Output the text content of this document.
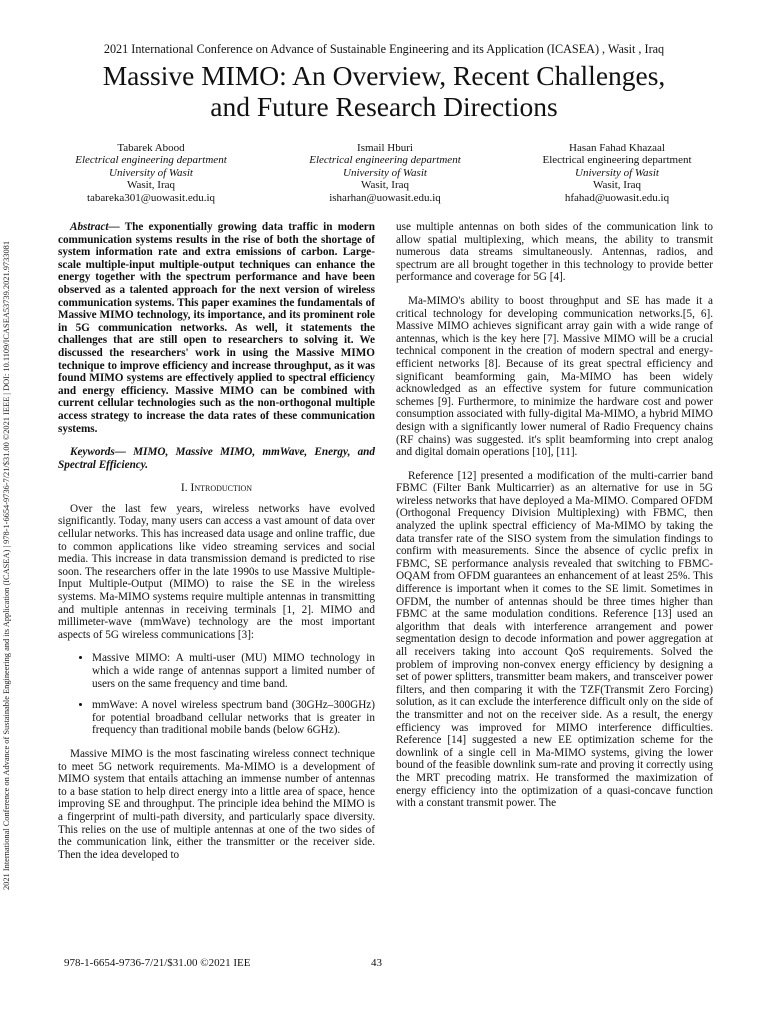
2021 International Conference on Advance of Sustainable Engineering and its Application (ICASEA) , Wasit , Iraq
Massive MIMO: An Overview, Recent Challenges,
and Future Research Directions
Tabarek Abood
Electrical engineering department
University of Wasit
Wasit, Iraq
tabareka301@uowasit.edu.iq
Ismail Hburi
Electrical engineering department
University of Wasit
Wasit, Iraq
isharhan@uowasit.edu.iq
Hasan Fahad Khazaal
Electrical engineering department
University of Wasit
Wasit, Iraq
hfahad@uowasit.edu.iq
2021 International Conference on Advance of Sustainable Engineering and its Application (ICASEA) | 978-1-6654-9736-7/21/$31.00 ©2021 IEEE | DOI: 10.1109/ICASEA53739.2021.9733081

Abstract— The exponentially growing data traffic in modern communication systems results in the rise of both the shortage of system information rate and extra emissions of carbon. Large-scale multiple-input multiple-output techniques can enhance the energy together with the spectrum performance and have been observed as a talented approach for the next version of wireless communication systems. This paper examines the fundamentals of Massive MIMO technology, its importance, and its prominent role in 5G communication networks. As well, it statements the challenges that are still open to researchers to solving it. We discussed the researchers' work in using the Massive MIMO technique to improve efficiency and increase throughput, as it was found MIMO systems are effectively applied to spectral efficiency and energy efficiency. Massive MIMO can be combined with current cellular technologies such as the non-orthogonal multiple access strategy to increase the data rates of these communication systems.

Keywords— MIMO, Massive MIMO, mmWave, Energy, and Spectral Efficiency.

I. Introduction

Over the last few years, wireless networks have evolved significantly. Today, many users can access a vast amount of data over cellular networks. This has increased data usage and online traffic, due to common applications like video streaming services and social media. This increase in data transmission demand is predicted to rise soon. The researchers offer in the late 1990s to use Massive Multiple-Input Multiple-Output (MIMO) to raise the SE in the wireless systems. Ma-MIMO systems require multiple antennas in transmitting and multiple antennas in receiving terminals [1, 2]. MIMO and millimeter-wave (mmWave) technology are the most important aspects of 5G wireless communications [3]:

• Massive MIMO: A multi-user (MU) MIMO technology in which a wide range of antennas support a limited number of users on the same frequency and time band.
• mmWave: A novel wireless spectrum band (30GHz–300GHz) for potential broadband cellular networks that is greater in frequency than traditional mobile bands (below 6GHz).

Massive MIMO is the most fascinating wireless connect technique to meet 5G network requirements. Ma-MIMO is a development of MIMO system that entails attaching an immense number of antennas to a base station to help direct energy into a little area of space, hence improving SE and throughput. The principle idea behind the MIMO is a fingerprint of multi-path diversity, and particularly space diversity. This relies on the use of multiple antennas at one of the two sides of the communication link, either the transmitter or the receiver side. Then the idea developed to

use multiple antennas on both sides of the communication link to allow spatial multiplexing, which means, the ability to transmit numerous data streams simultaneously. Antennas, radios, and spectrum are all brought together in this technology to provide better performance and coverage for 5G [4].

Ma-MIMO's ability to boost throughput and SE has made it a critical technology for developing communication networks.[5, 6]. Massive MIMO achieves significant array gain with a wide range of antennas, which is the key here [7]. Massive MIMO will be a crucial technical component in the creation of modern spectral and energy-efficient networks [8]. Because of its great spectral efficiency and significant beamforming gain, Ma-MIMO has been widely acknowledged as an effective system for future communication schemes [9]. Furthermore, to minimize the hardware cost and power consumption associated with fully-digital Ma-MIMO, a hybrid MIMO design with a significantly lower numeral of Radio Frequency chains (RF chains) was suggested. it's split beamforming into crept analog and digital domain operations [10], [11].

Reference [12] presented a modification of the multi-carrier band FBMC (Filter Bank Multicarrier) as an alternative for use in 5G wireless networks that have deployed a Ma-MIMO. Compared OFDM (Orthogonal Frequency Division Multiplexing) with FBMC, then analyzed the uplink spectral efficiency of Ma-MIMO by taking the data transfer rate of the SISO system from the simulation findings to confirm with measurements. Since the absence of cyclic prefix in FBMC, SE performance analysis revealed that switching to FBMC-OQAM from OFDM guarantees an enhancement of at least 25%. This difference is important when it comes to the SE limit. Sometimes in OFDM, the number of antennas should be three times higher than FBMC at the same modulation conditions. Reference [13] used an algorithm that deals with interference arrangement and power segmentation design to decode information and power aggregation at all receivers taking into account QoS requirements. Solved the problem of improving non-convex energy efficiency by designing a set of power splitters, transmitter beam makers, and transceiver power filters, and then comparing it with the TZF(Transmit Zero Forcing) solution, as it can exclude the interference difficult only on the side of the transmitter and not on the receiver side. As a result, the energy efficiency was improved for MIMO interference difficulties. Reference [14] suggested a new EE optimization scheme for the downlink of a single cell in Ma-MIMO systems, giving the lower bound of the feasible downlink sum-rate and proving it correctly using the MRT precoding matrix. He transformed the maximization of energy efficiency into the optimization of a quasi-concave function with a constant transmit power. The

978-1-6654-9736-7/21/$31.00 ©2021 IEE	43
